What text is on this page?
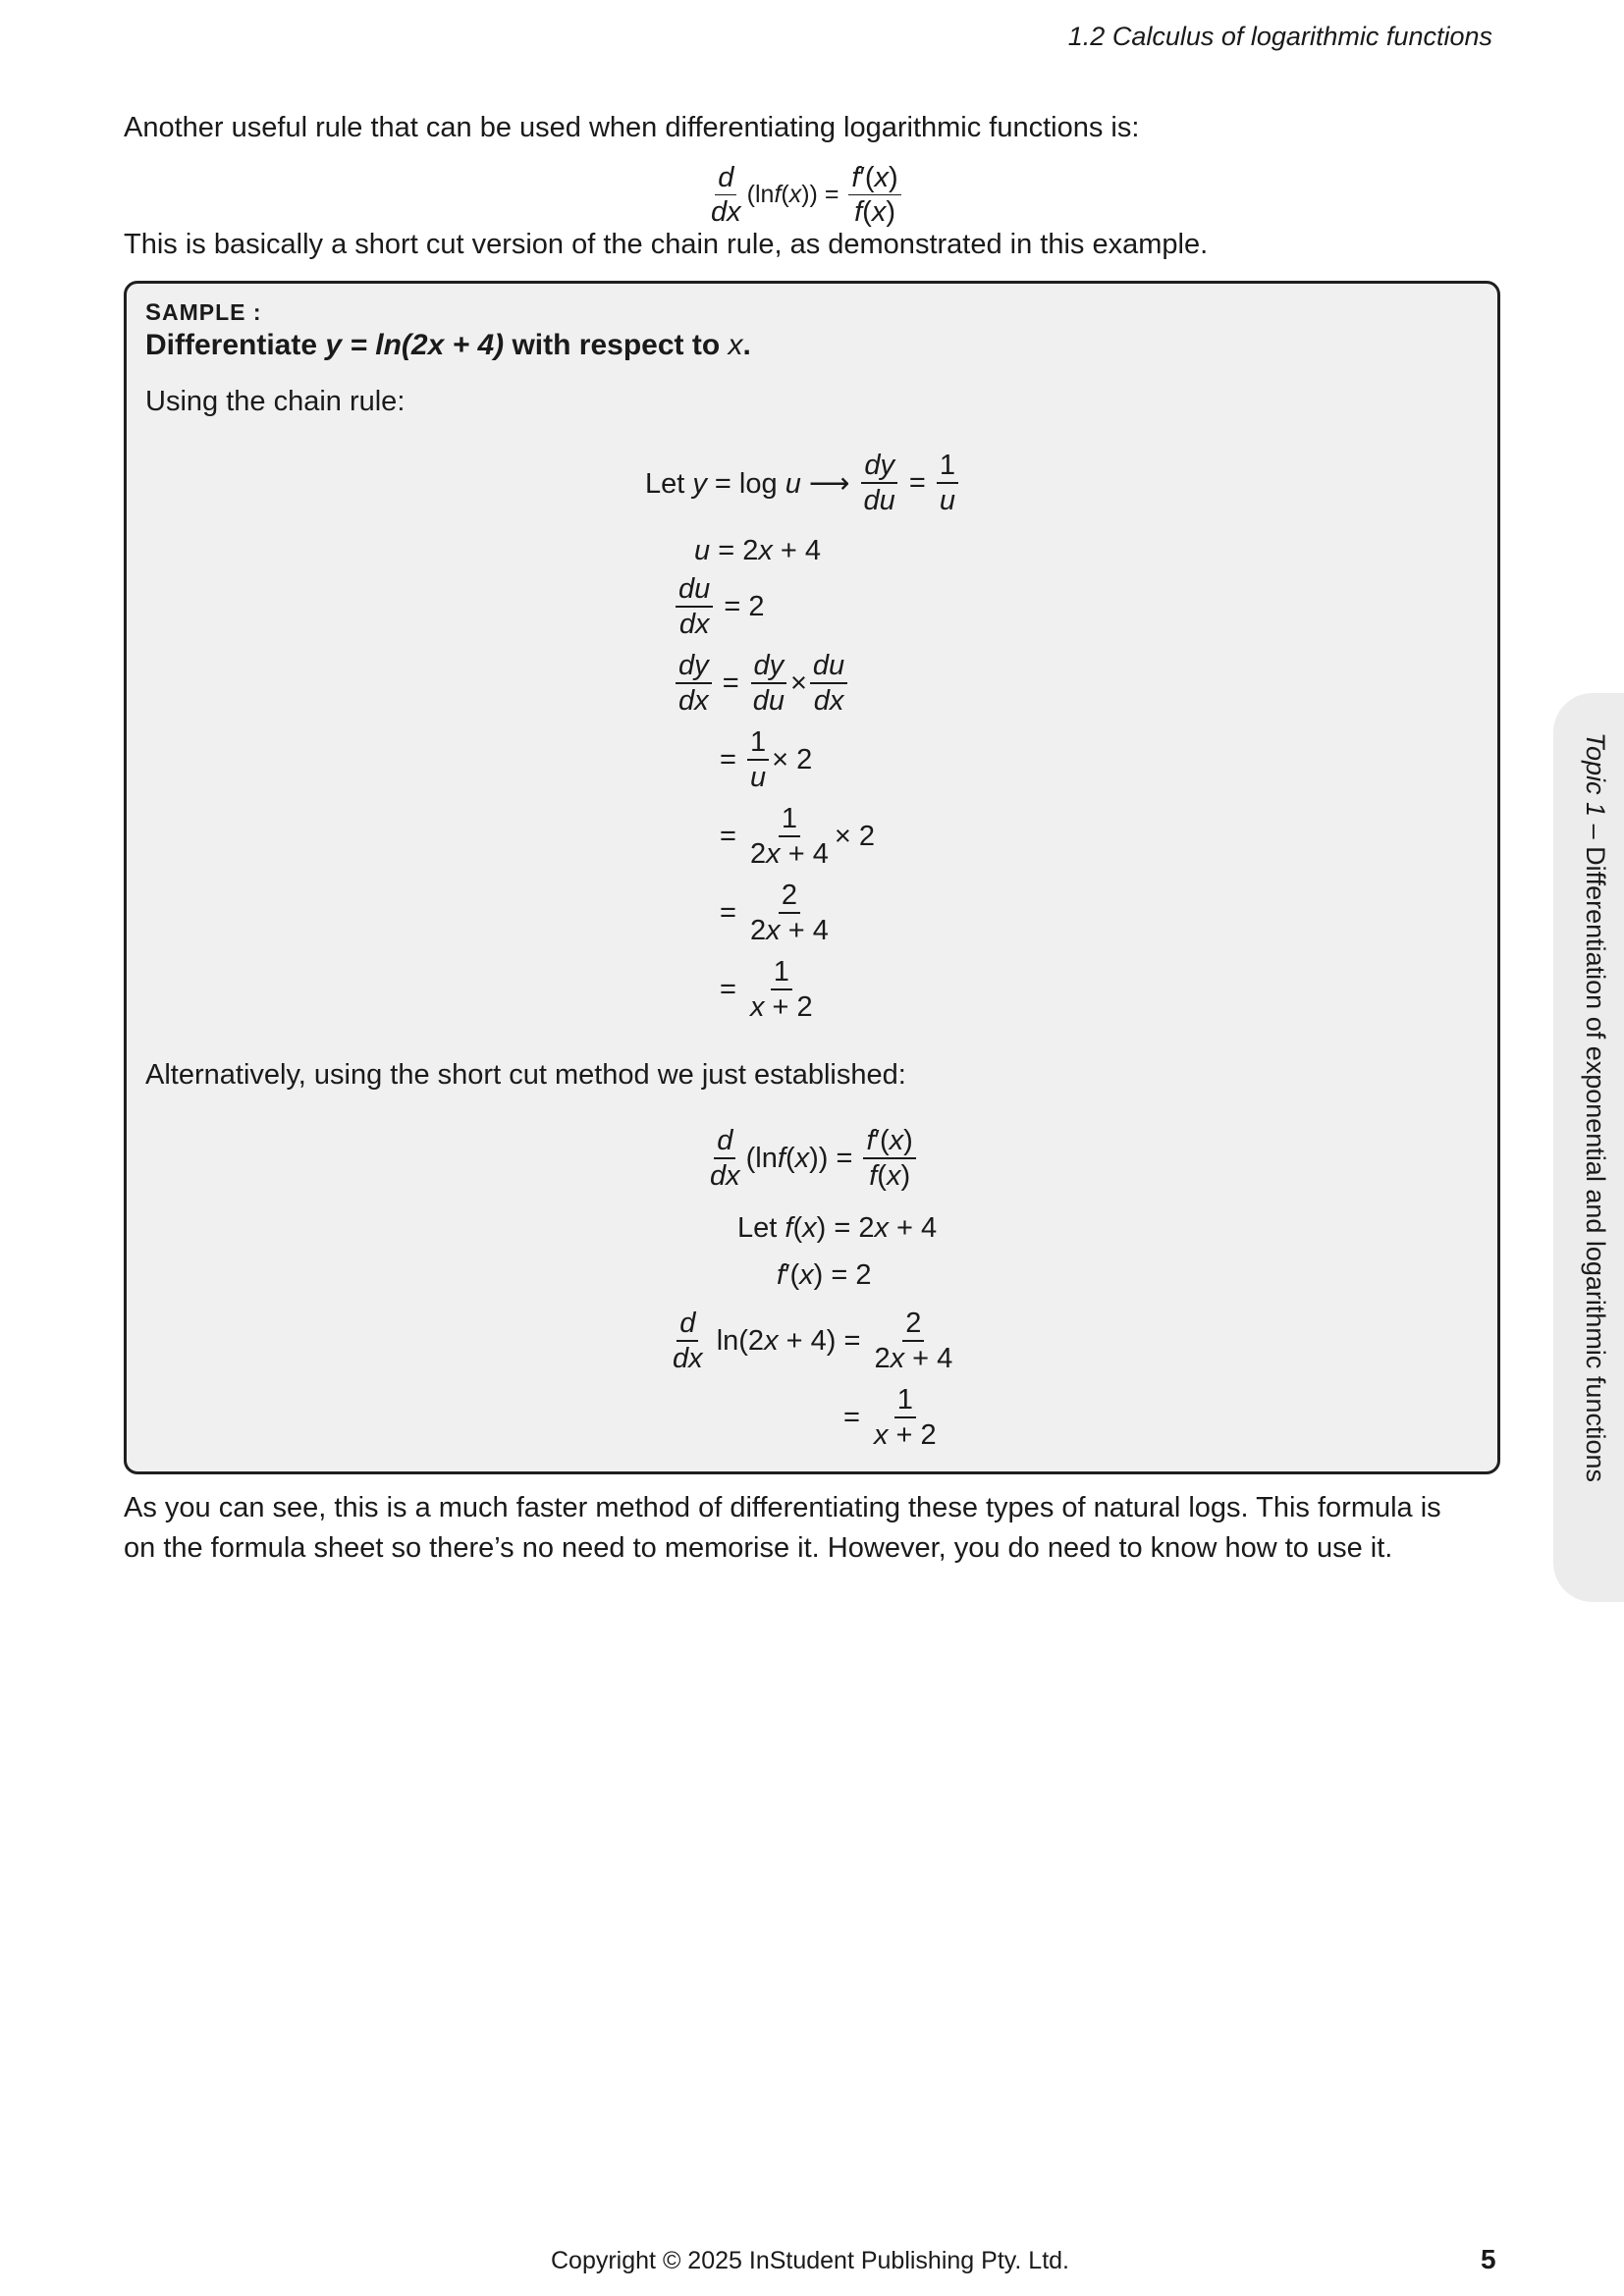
1.2 Calculus of logarithmic functions
Another useful rule that can be used when differentiating logarithmic functions is:
d
dx
$(\ln f(x)) = \frac{f'(x)}{f(x)}$
This is basically a short cut version of the chain rule, as demonstrated in this example.
SAMPLE :
Differentiate y = ln(2x + 4) with respect to x.
Using the chain rule:
Let y = log u ⟶ $\frac{dy}{du} = \frac{1}{u}$
u = 2x + 4
$\frac{du}{dx} = 2$
$\frac{dy}{dx} = \frac{dy}{du} \times \frac{du}{dx}$
= $\frac{1}{u} \times 2$
= $\frac{1}{2x + 4} \times 2$
= $\frac{2}{2x + 4}$
= $\frac{1}{x + 2}$
Alternatively, using the short cut method we just established:
d
dx
$(\ln f(x)) = \frac{f'(x)}{f(x)}$
Let f(x) = 2x + 4
f′(x) = 2
d
dx
$\ln(2x + 4) = \frac{2}{2x + 4}$
= $\frac{1}{x + 2}$
As you can see, this is a much faster method of differentiating these types of natural logs. This formula is
on the formula sheet so there’s no need to memorise it. However, you do need to know how to use it.
Topic 1 – Differentiation of exponential and logarithmic functions
Copyright © 2025 InStudent Publishing Pty. Ltd.	5
